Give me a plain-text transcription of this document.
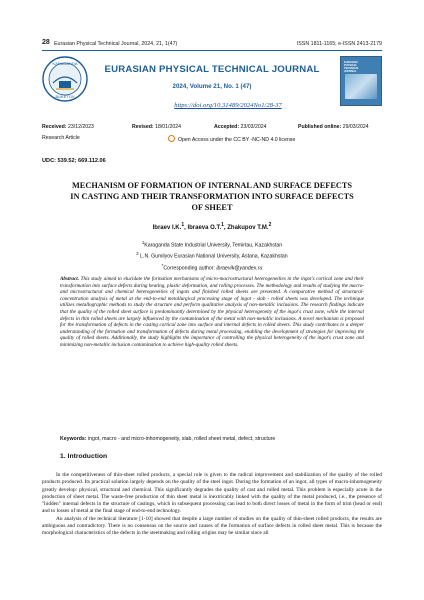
28 Eurasian Physical Technical Journal, 2024, 21, 1(47)	ISSN 1811-1165; e-ISSN 2413-2179
KARAGANDA
BUKETOV
EURASIAN PHYSICAL TECHNICAL JOURNAL
2024, Volume 21, No. 1 (47)
https://doi.org/10.31489/2024No1/28-37
EURASIAN
PHYSICAL
TECHNICAL
JOURNAL
Received: 23/12/2023	Revised: 18/01/2024	Accepted: 23/03/2024	Published online: 29/03/2024
Research Article	Open Access under the CC BY -NC-ND 4.0 license
UDC: 539.52; 669.112.06
MECHANISM OF FORMATION OF INTERNAL AND SURFACE DEFECTS
IN CASTING AND THEIR TRANSFORMATION INTO SURFACE DEFECTS
OF SHEET
Ibraev I.K.$^1$, Ibraeva O.T.$^1$, Zhakupov T.M.$^2$
$^1$Karaganda State Industrial University, Temirtau, Kazakhstan
$^2$ L.N. Gumilyov Eurasian National University, Astana, Kazakhstan
*Corresponding author: ibraevik@yandex.ru
Abstract. This study aimed to elucidate the formation mechanisms of micro-macrostructural heterogeneities in the ingot's cortical zone and their transformation into surface defects during heating, plastic deformation, and rolling processes. The methodology and results of studying the macro- and microstructural and chemical heterogeneities of ingots and finished rolled sheets are presented. A comparative method of structural-concentration analysis of metal at the end-to-end metallurgical processing stage of ingot - slab - rolled sheets was developed. The technique utilizes metallographic methods to study the structure and perform qualitative analysis of non-metallic inclusions. The research findings indicate that the quality of the rolled sheet surface is predominantly determined by the physical heterogeneity of the ingot's crust zone, while the internal defects in thin rolled sheets are largely influenced by the contamination of the metal with non-metallic inclusions. A novel mechanism is proposed for the transformation of defects in the casting cortical zone into surface and internal defects in rolled sheets. This study contributes to a deeper understanding of the formation and transformation of defects during metal processing, enabling the development of strategies for improving the quality of rolled sheets. Additionally, the study highlights the importance of controlling the physical heterogeneity of the ingot's crust zone and minimizing non-metallic inclusion contamination to achieve high-quality rolled sheets.
Keywords: ingot, macro - and micro-inhomogeneity, slab, rolled sheet metal, defect, structure
1. Introduction

In the competitiveness of thin-sheet rolled products, a special role is given to the radical improvement and stabilization of the quality of the rolled products produced. Its practical solution largely depends on the quality of the steel ingot. During the formation of an ingot, all types of macro-inhomogeneity greatly develop: physical, structural and chemical. This significantly degrades the quality of cast and rolled metal. This problem is especially acute in the production of sheet metal. The waste-free production of thin sheet metal is inextricably linked with the quality of the metal produced, i.e., the presence of "hidden" internal defects in the structure of castings, which in subsequent processing can lead to both direct losses of metal in the form of trim (head or end) and to losses of metal at the final stage of end-to-end technology.

An analysis of the technical literature [1-10] showed that despite a large number of studies on the quality of thin-sheet rolled products, the results are ambiguous and contradictory. There is no consensus on the source and causes of the formation of surface defects in rolled sheet metal. This is because the morphological characteristics of the defects in the steelmaking and rolling origins may be similar since all
